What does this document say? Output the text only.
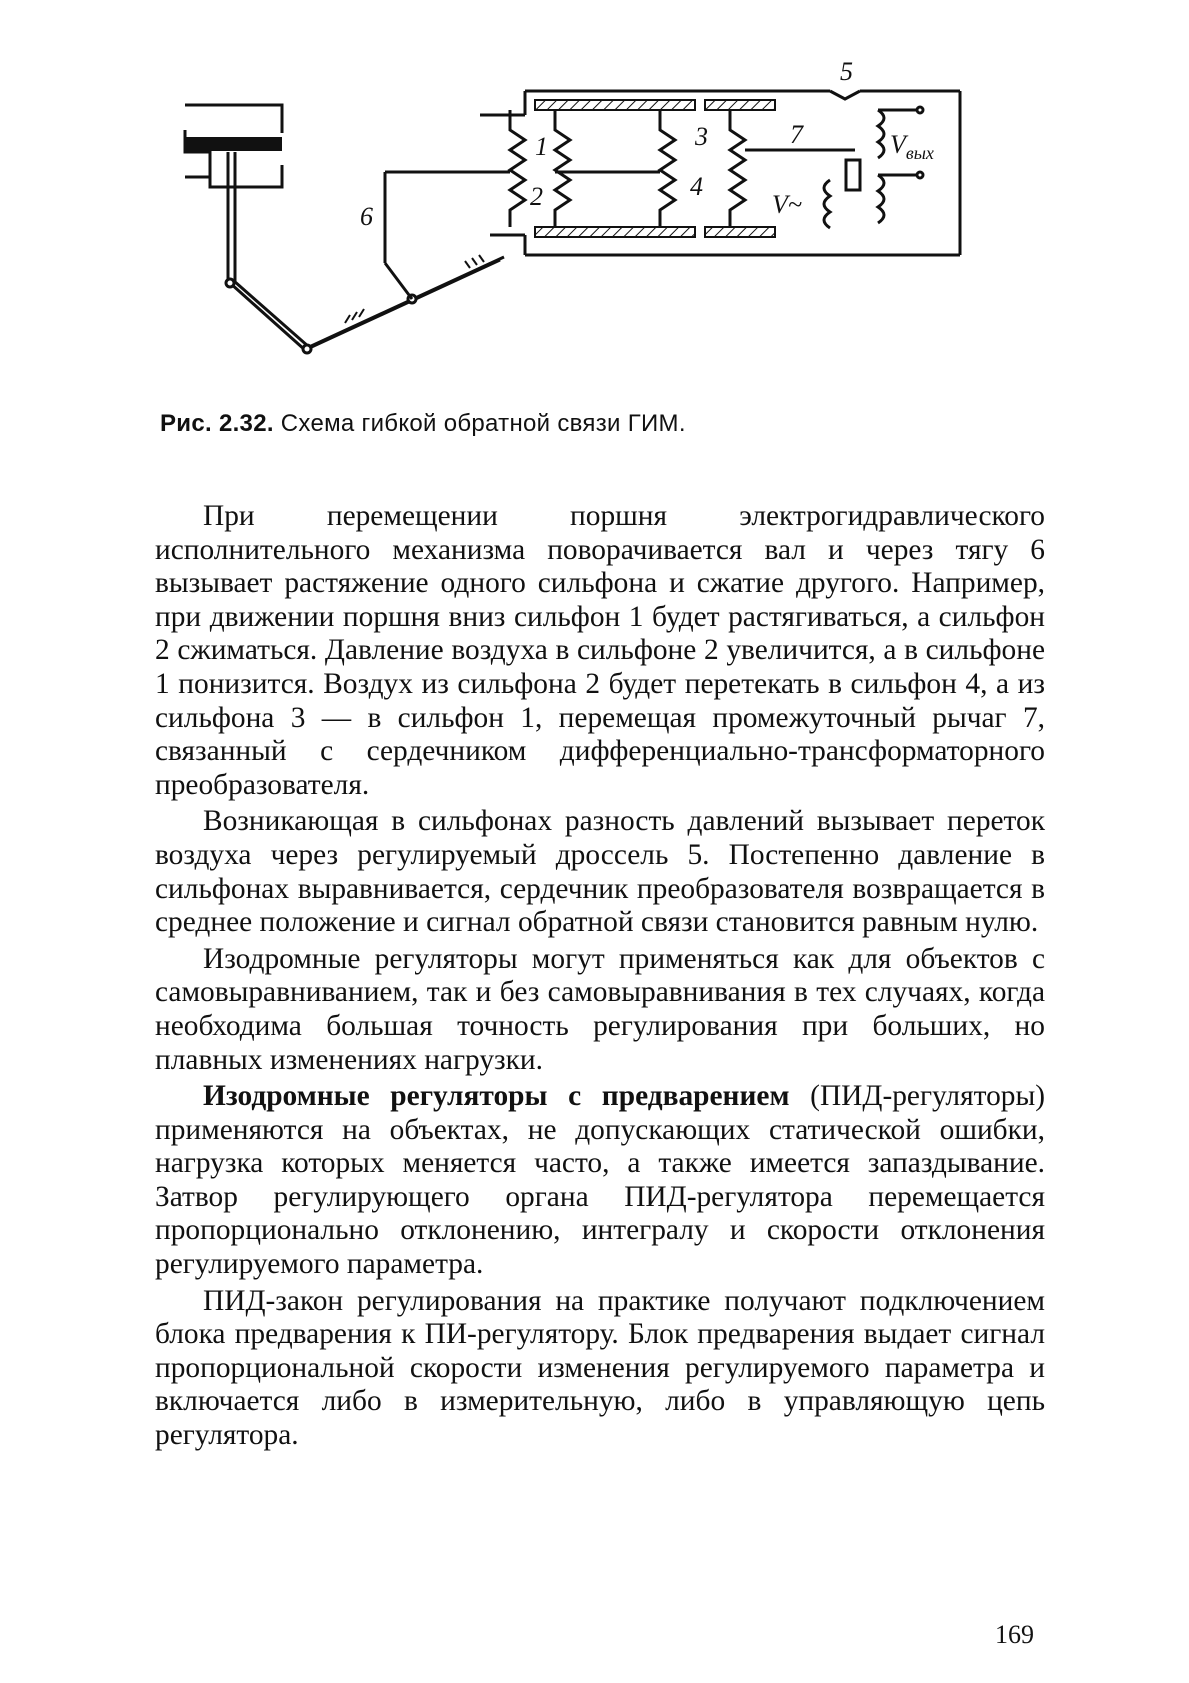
1
2
3
4
5
6
7
V~
$V_{вых}$
Рис. 2.32. Схема гибкой обратной связи ГИМ.

При перемещении поршня электрогидравлического исполнительного механизма поворачивается вал и через тягу 6 вызывает растяжение одного сильфона и сжатие другого. Например, при движении поршня вниз сильфон 1 будет растягиваться, а сильфон 2 сжиматься. Давление воздуха в сильфоне 2 увеличится, а в сильфоне 1 понизится. Воздух из сильфона 2 будет перетекать в сильфон 4, а из сильфона 3 — в сильфон 1, перемещая промежуточный рычаг 7, связанный с сердечником дифференциально-трансформаторного преобразователя.

Возникающая в сильфонах разность давлений вызывает переток воздуха через регулируемый дроссель 5. Постепенно давление в сильфонах выравнивается, сердечник преобразователя возвращается в среднее положение и сигнал обратной связи становится равным нулю.

Изодромные регуляторы могут применяться как для объектов с самовыравниванием, так и без самовыравнивания в тех случаях, когда необходима большая точность регулирования при больших, но плавных изменениях нагрузки.

Изодромные регуляторы с предварением (ПИД-регуляторы) применяются на объектах, не допускающих статической ошибки, нагрузка которых меняется часто, а также имеется запаздывание. Затвор регулирующего органа ПИД-регулятора перемещается пропорционально отклонению, интегралу и скорости отклонения регулируемого параметра.

ПИД-закон регулирования на практике получают подключением блока предварения к ПИ-регулятору. Блок предварения выдает сигнал пропорциональной скорости изменения регулируемого параметра и включается либо в измерительную, либо в управляющую цепь регулятора.

169
